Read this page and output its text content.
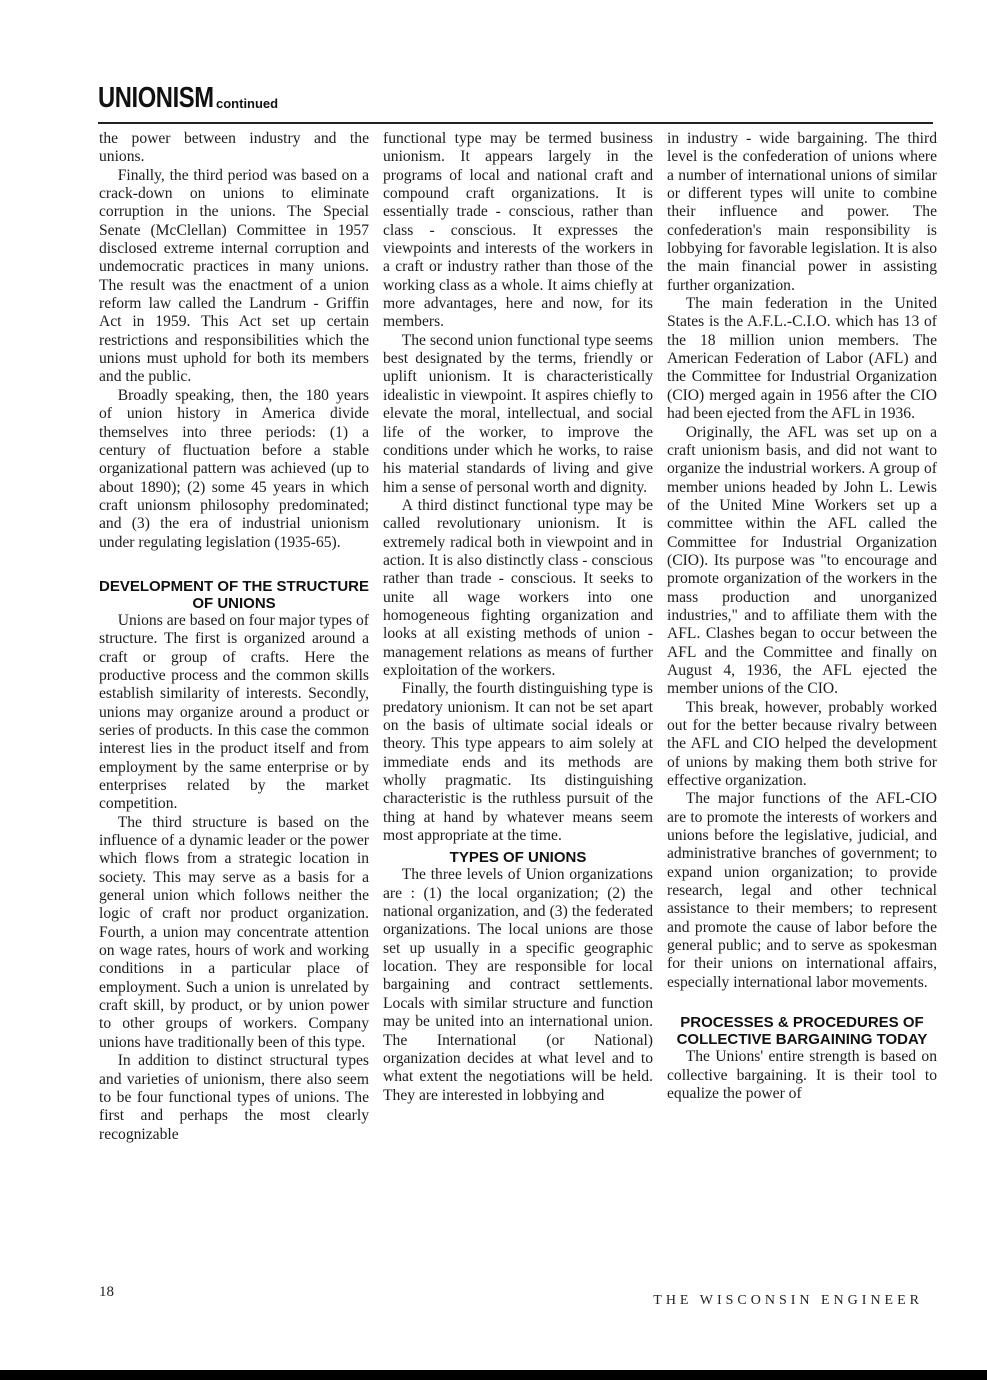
UNIONISM continued

the power between industry and the unions.

Finally, the third period was based on a crack-down on unions to eliminate corruption in the unions. The Special Senate (McClellan) Committee in 1957 disclosed extreme internal corruption and undemocratic practices in many unions. The result was the enactment of a union reform law called the Landrum - Griffin Act in 1959. This Act set up certain restrictions and responsibilities which the unions must uphold for both its members and the public.

Broadly speaking, then, the 180 years of union history in America divide themselves into three periods: (1) a century of fluctuation before a stable organizational pattern was achieved (up to about 1890); (2) some 45 years in which craft unionsm philosophy predominated; and (3) the era of industrial unionism under regulating legislation (1935-65).

DEVELOPMENT OF THE STRUCTURE OF UNIONS

Unions are based on four major types of structure. The first is organized around a craft or group of crafts. Here the productive process and the common skills establish similarity of interests. Secondly, unions may organize around a product or series of products. In this case the common interest lies in the product itself and from employment by the same enterprise or by enterprises related by the market competition.

The third structure is based on the influence of a dynamic leader or the power which flows from a strategic location in society. This may serve as a basis for a general union which follows neither the logic of craft nor product organization. Fourth, a union may concentrate attention on wage rates, hours of work and working conditions in a particular place of employment. Such a union is unrelated by craft skill, by product, or by union power to other groups of workers. Company unions have traditionally been of this type.

In addition to distinct structural types and varieties of unionism, there also seem to be four functional types of unions. The first and perhaps the most clearly recognizable

functional type may be termed business unionism. It appears largely in the programs of local and national craft and compound craft organizations. It is essentially trade - conscious, rather than class - conscious. It expresses the viewpoints and interests of the workers in a craft or industry rather than those of the working class as a whole. It aims chiefly at more advantages, here and now, for its members.

The second union functional type seems best designated by the terms, friendly or uplift unionism. It is characteristically idealistic in viewpoint. It aspires chiefly to elevate the moral, intellectual, and social life of the worker, to improve the conditions under which he works, to raise his material standards of living and give him a sense of personal worth and dignity.

A third distinct functional type may be called revolutionary unionism. It is extremely radical both in viewpoint and in action. It is also distinctly class - conscious rather than trade - conscious. It seeks to unite all wage workers into one homogeneous fighting organization and looks at all existing methods of union - management relations as means of further exploitation of the workers.

Finally, the fourth distinguishing type is predatory unionism. It can not be set apart on the basis of ultimate social ideals or theory. This type appears to aim solely at immediate ends and its methods are wholly pragmatic. Its distinguishing characteristic is the ruthless pursuit of the thing at hand by whatever means seem most appropriate at the time.

TYPES OF UNIONS

The three levels of Union organizations are : (1) the local organization; (2) the national organization, and (3) the federated organizations. The local unions are those set up usually in a specific geographic location. They are responsible for local bargaining and contract settlements. Locals with similar structure and function may be united into an international union. The International (or National) organization decides at what level and to what extent the negotiations will be held. They are interested in lobbying and

in industry - wide bargaining. The third level is the confederation of unions where a number of international unions of similar or different types will unite to combine their influence and power. The confederation's main responsibility is lobbying for favorable legislation. It is also the main financial power in assisting further organization.

The main federation in the United States is the A.F.L.-C.I.O. which has 13 of the 18 million union members. The American Federation of Labor (AFL) and the Committee for Industrial Organization (CIO) merged again in 1956 after the CIO had been ejected from the AFL in 1936.

Originally, the AFL was set up on a craft unionism basis, and did not want to organize the industrial workers. A group of member unions headed by John L. Lewis of the United Mine Workers set up a committee within the AFL called the Committee for Industrial Organization (CIO). Its purpose was "to encourage and promote organization of the workers in the mass production and unorganized industries," and to affiliate them with the AFL. Clashes began to occur between the AFL and the Committee and finally on August 4, 1936, the AFL ejected the member unions of the CIO.

This break, however, probably worked out for the better because rivalry between the AFL and CIO helped the development of unions by making them both strive for effective organization.

The major functions of the AFL-CIO are to promote the interests of workers and unions before the legislative, judicial, and administrative branches of government; to expand union organization; to provide research, legal and other technical assistance to their members; to represent and promote the cause of labor before the general public; and to serve as spokesman for their unions on international affairs, especially international labor movements.

PROCESSES & PROCEDURES OF COLLECTIVE BARGAINING TODAY

The Unions' entire strength is based on collective bargaining. It is their tool to equalize the power of

18
THE WISCONSIN ENGINEER
